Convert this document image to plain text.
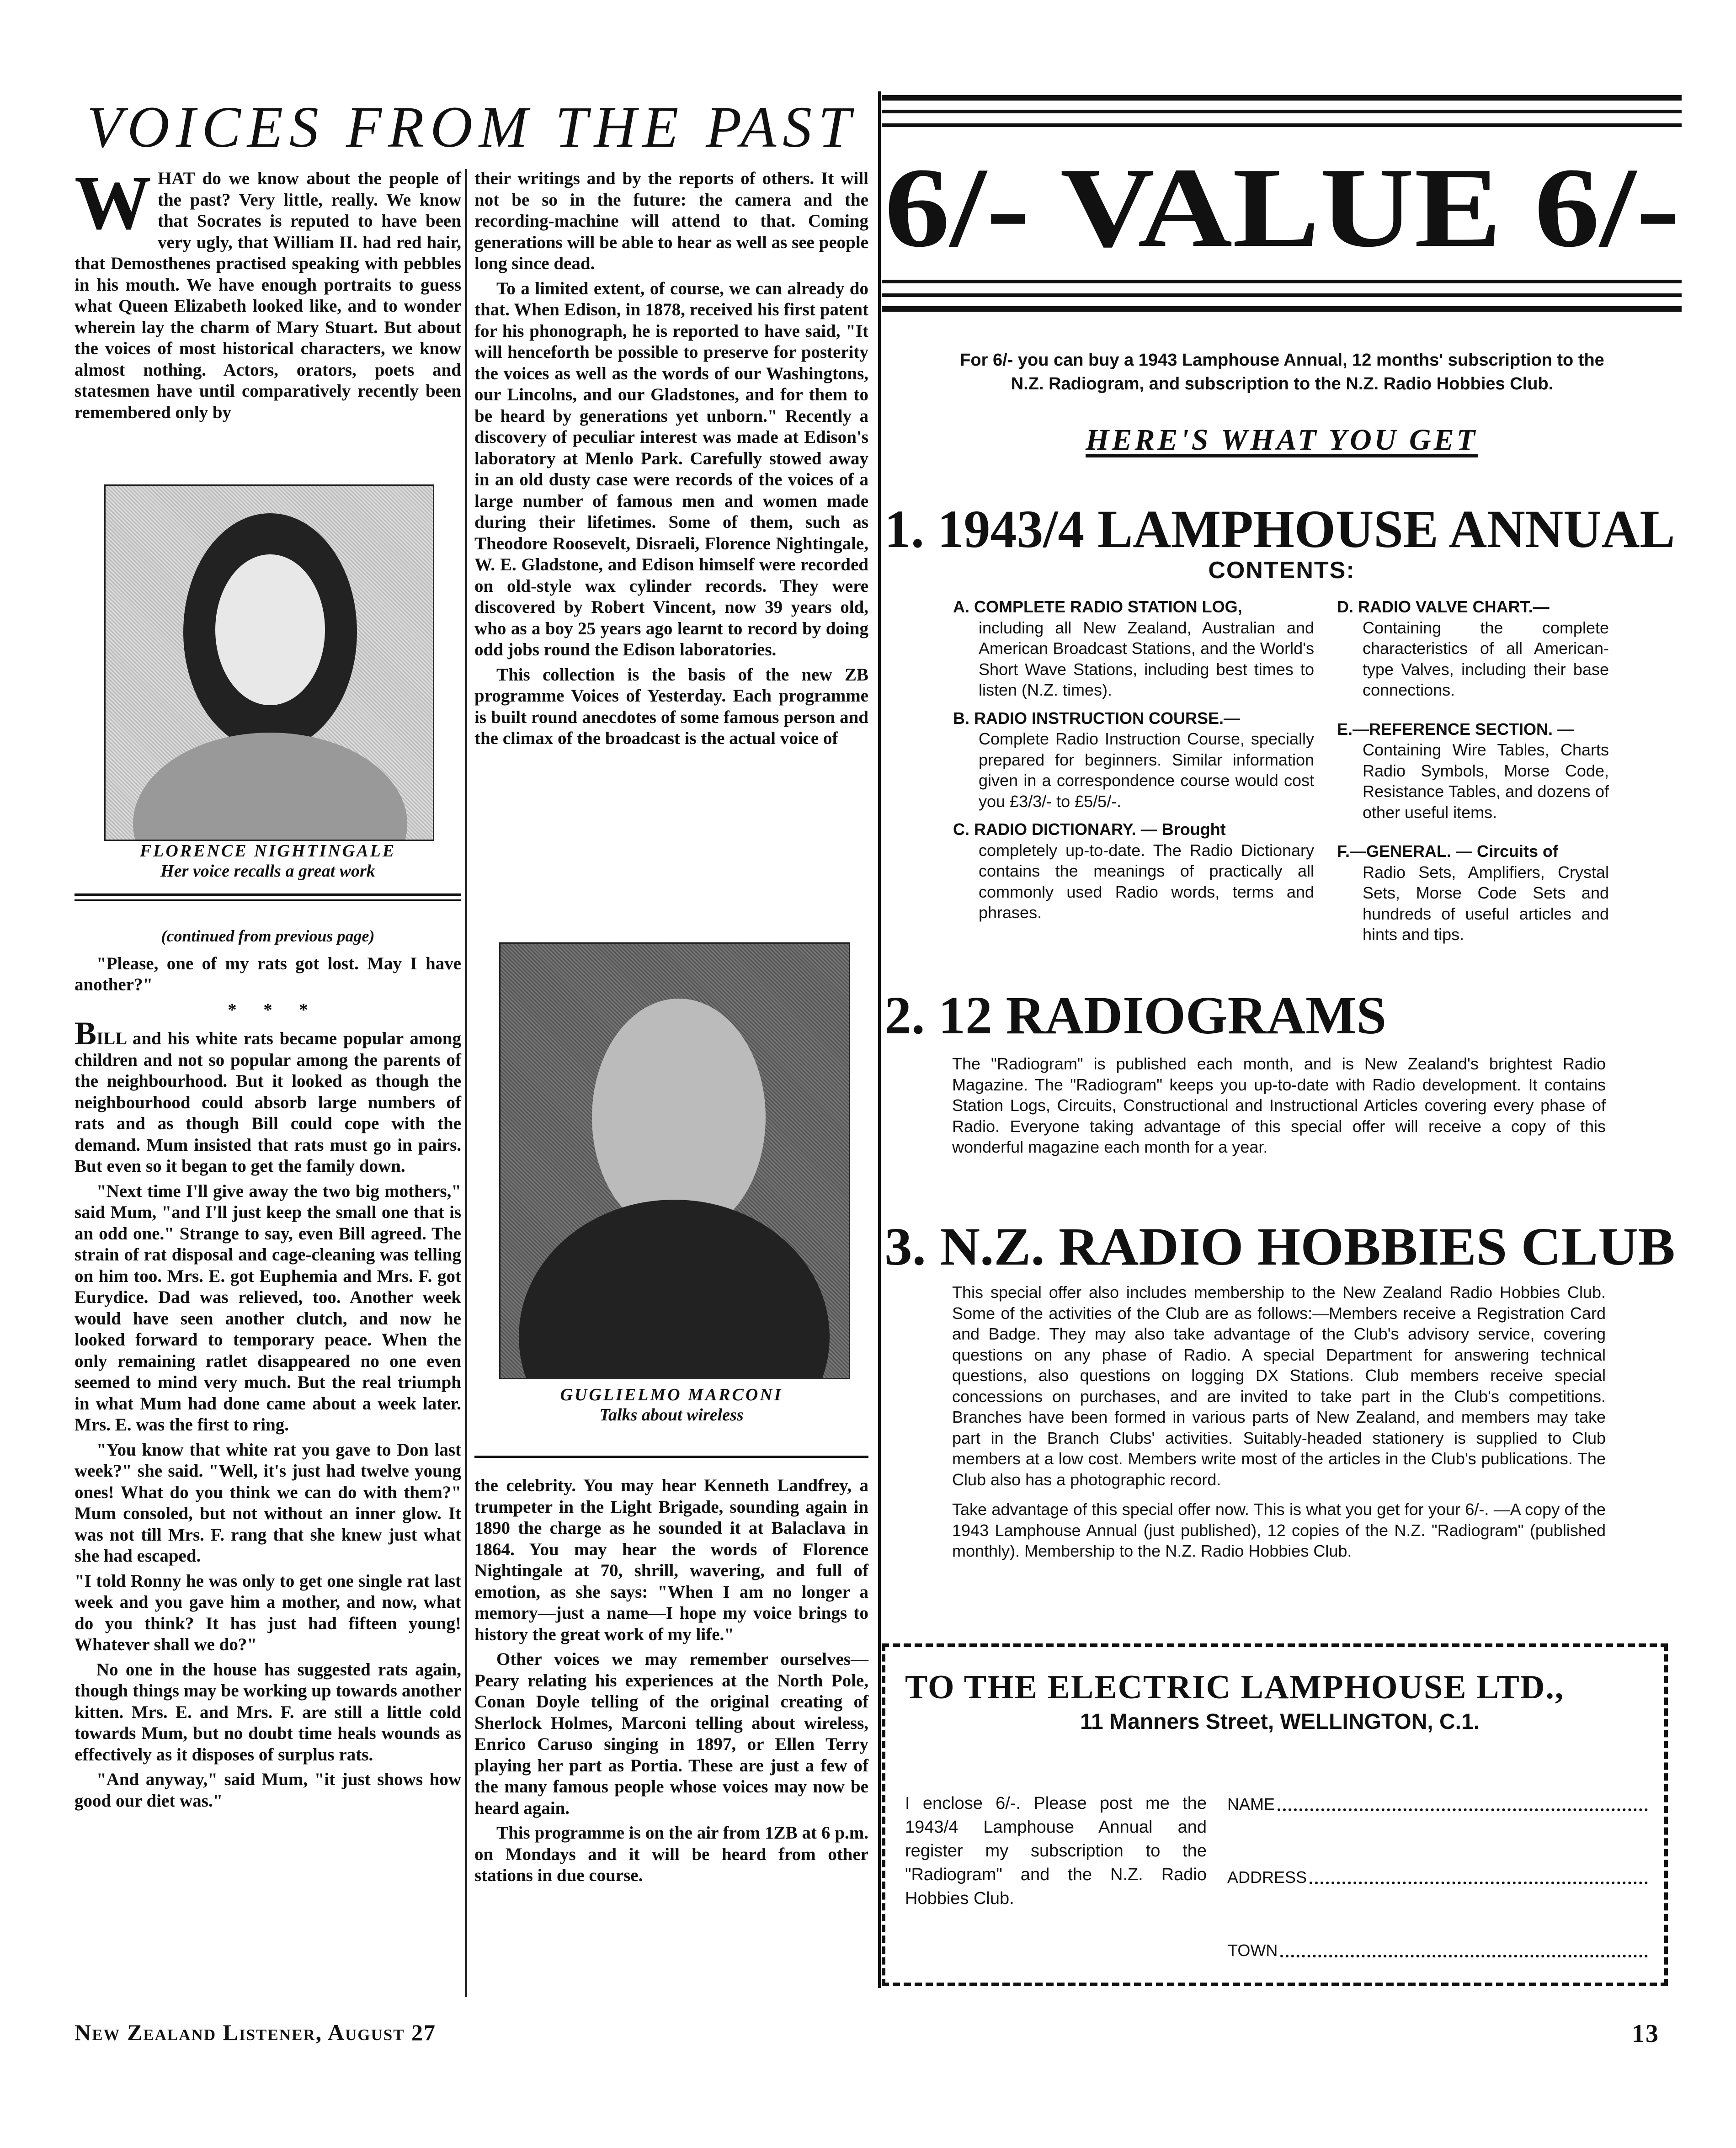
VOICES FROM THE PAST

WHAT do we know about the people of the past? Very little, really. We know that Socrates is reputed to have been very ugly, that William II. had red hair, that Demosthenes practised speaking with pebbles in his mouth. We have enough portraits to guess what Queen Elizabeth looked like, and to wonder wherein lay the charm of Mary Stuart. But about the voices of most historical characters, we know almost nothing. Actors, orators, poets and statesmen have until comparatively recently been remembered only by

FLORENCE NIGHTINGALE
Her voice recalls a great work

(continued from previous page)

"Please, one of my rats got lost. May I have another?"

*      *      *

BILL and his white rats became popular among children and not so popular among the parents of the neighbourhood. But it looked as though the neighbourhood could absorb large numbers of rats and as though Bill could cope with the demand. Mum insisted that rats must go in pairs. But even so it began to get the family down.

"Next time I'll give away the two big mothers," said Mum, "and I'll just keep the small one that is an odd one." Strange to say, even Bill agreed. The strain of rat disposal and cage-cleaning was telling on him too. Mrs. E. got Euphemia and Mrs. F. got Eurydice. Dad was relieved, too. Another week would have seen another clutch, and now he looked forward to temporary peace. When the only remaining ratlet disappeared no one even seemed to mind very much. But the real triumph in what Mum had done came about a week later. Mrs. E. was the first to ring.

"You know that white rat you gave to Don last week?" she said. "Well, it's just had twelve young ones! What do you think we can do with them?" Mum consoled, but not without an inner glow. It was not till Mrs. F. rang that she knew just what she had escaped.

"I told Ronny he was only to get one single rat last week and you gave him a mother, and now, what do you think? It has just had fifteen young! Whatever shall we do?"

No one in the house has suggested rats again, though things may be working up towards another kitten. Mrs. E. and Mrs. F. are still a little cold towards Mum, but no doubt time heals wounds as effectively as it disposes of surplus rats.

"And anyway," said Mum, "it just shows how good our diet was."

their writings and by the reports of others. It will not be so in the future: the camera and the recording-machine will attend to that. Coming generations will be able to hear as well as see people long since dead.

To a limited extent, of course, we can already do that. When Edison, in 1878, received his first patent for his phonograph, he is reported to have said, "It will henceforth be possible to preserve for posterity the voices as well as the words of our Washingtons, our Lincolns, and our Gladstones, and for them to be heard by generations yet unborn." Recently a discovery of peculiar interest was made at Edison's laboratory at Menlo Park. Carefully stowed away in an old dusty case were records of the voices of a large number of famous men and women made during their lifetimes. Some of them, such as Theodore Roosevelt, Disraeli, Florence Nightingale, W. E. Gladstone, and Edison himself were recorded on old-style wax cylinder records. They were discovered by Robert Vincent, now 39 years old, who as a boy 25 years ago learnt to record by doing odd jobs round the Edison laboratories.

This collection is the basis of the new ZB programme Voices of Yesterday. Each programme is built round anecdotes of some famous person and the climax of the broadcast is the actual voice of

GUGLIELMO MARCONI
Talks about wireless

the celebrity. You may hear Kenneth Landfrey, a trumpeter in the Light Brigade, sounding again in 1890 the charge as he sounded it at Balaclava in 1864. You may hear the words of Florence Nightingale at 70, shrill, wavering, and full of emotion, as she says: "When I am no longer a memory—just a name—I hope my voice brings to history the great work of my life."

Other voices we may remember ourselves—Peary relating his experiences at the North Pole, Conan Doyle telling of the original creating of Sherlock Holmes, Marconi telling about wireless, Enrico Caruso singing in 1897, or Ellen Terry playing her part as Portia. These are just a few of the many famous people whose voices may now be heard again.

This programme is on the air from 1ZB at 6 p.m. on Mondays and it will be heard from other stations in due course.

6/- VALUE 6/-
For 6/- you can buy a 1943 Lamphouse Annual, 12 months' subscription to the N.Z. Radiogram, and subscription to the N.Z. Radio Hobbies Club.
HERE'S WHAT YOU GET
1. 1943/4 LAMPHOUSE ANNUAL
CONTENTS:
A. COMPLETE RADIO STATION LOG,
including all New Zealand, Australian and American Broadcast Stations, and the World's Short Wave Stations, including best times to listen (N.Z. times).
B. RADIO INSTRUCTION COURSE.—
Complete Radio Instruction Course, specially prepared for beginners. Similar information given in a correspondence course would cost you £3/3/- to £5/5/-.
C. RADIO DICTIONARY. — Brought
completely up-to-date. The Radio Dictionary contains the meanings of practically all commonly used Radio words, terms and phrases.
D. RADIO VALVE CHART.—
Containing the complete characteristics of all American-type Valves, including their base connections.
E.—REFERENCE SECTION. —
Containing Wire Tables, Charts Radio Symbols, Morse Code, Resistance Tables, and dozens of other useful items.
F.—GENERAL. — Circuits of
Radio Sets, Amplifiers, Crystal Sets, Morse Code Sets and hundreds of useful articles and hints and tips.
2. 12 RADIOGRAMS
The "Radiogram" is published each month, and is New Zealand's brightest Radio Magazine. The "Radiogram" keeps you up-to-date with Radio development. It contains Station Logs, Circuits, Constructional and Instructional Articles covering every phase of Radio. Everyone taking advantage of this special offer will receive a copy of this wonderful magazine each month for a year.
3. N.Z. RADIO HOBBIES CLUB

This special offer also includes membership to the New Zealand Radio Hobbies Club. Some of the activities of the Club are as follows:—Members receive a Registration Card and Badge. They may also take advantage of the Club's advisory service, covering questions on any phase of Radio. A special Department for answering technical questions, also questions on logging DX Stations. Club members receive special concessions on purchases, and are invited to take part in the Club's competitions. Branches have been formed in various parts of New Zealand, and members may take part in the Branch Clubs' activities. Suitably-headed stationery is supplied to Club members at a low cost. Members write most of the articles in the Club's publications. The Club also has a photographic record.

Take advantage of this special offer now. This is what you get for your 6/-. —A copy of the 1943 Lamphouse Annual (just published), 12 copies of the N.Z. "Radiogram" (published monthly). Membership to the N.Z. Radio Hobbies Club.

TO THE ELECTRIC LAMPHOUSE LTD.,
11 Manners Street, WELLINGTON, C.1.
I enclose 6/-. Please post me the 1943/4 Lamphouse Annual and register my subscription to the "Radiogram" and the N.Z. Radio Hobbies Club.
NAME
ADDRESS
TOWN
New Zealand Listener, August 27	13
